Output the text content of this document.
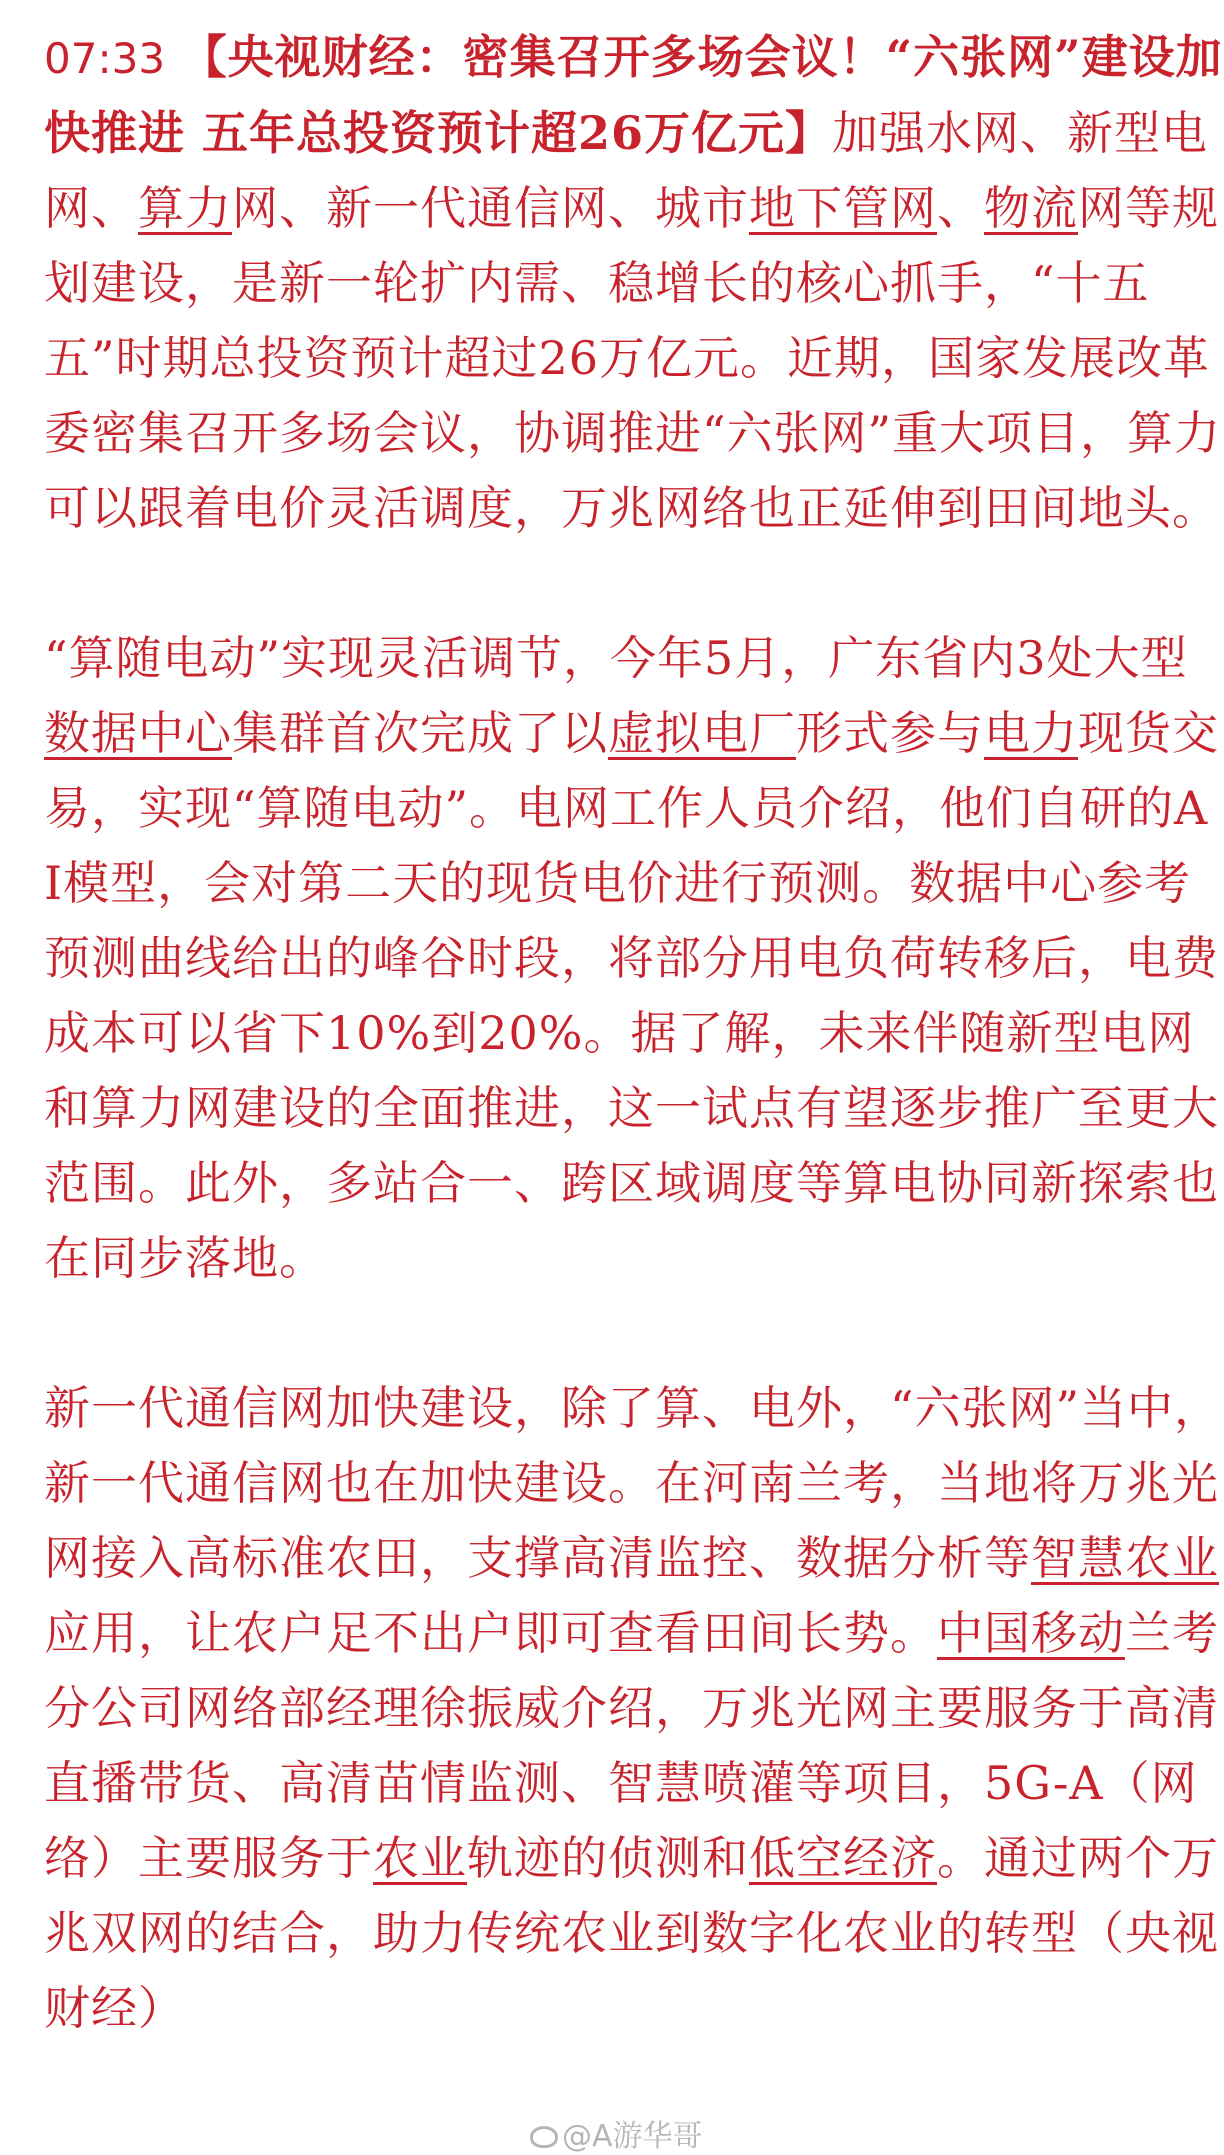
07:33 【央视财经：密集召开多场会议！“六张网”建设加快推进 五年总投资预计超26万亿元】加强水网、新型电网、算力网、新一代通信网、城市地下管网、物流网等规划建设，是新一轮扩内需、稳增长的核心抓手，“十五五”时期总投资预计超过26万亿元。近期，国家发展改革委密集召开多场会议，协调推进“六张网”重大项目，算力可以跟着电价灵活调度，万兆网络也正延伸到田间地头。

“算随电动”实现灵活调节，今年5月，广东省内3处大型数据中心集群首次完成了以虚拟电厂形式参与电力现货交易，实现“算随电动”。电网工作人员介绍，他们自研的AI模型，会对第二天的现货电价进行预测。数据中心参考预测曲线给出的峰谷时段，将部分用电负荷转移后，电费成本可以省下10%到20%。据了解，未来伴随新型电网和算力网建设的全面推进，这一试点有望逐步推广至更大范围。此外，多站合一、跨区域调度等算电协同新探索也在同步落地。

新一代通信网加快建设，除了算、电外，“六张网”当中，新一代通信网也在加快建设。在河南兰考，当地将万兆光网接入高标准农田，支撑高清监控、数据分析等智慧农业应用，让农户足不出户即可查看田间长势。中国移动兰考分公司网络部经理徐振威介绍，万兆光网主要服务于高清直播带货、高清苗情监测、智慧喷灌等项目，5G-A（网络）主要服务于农业轨迹的侦测和低空经济。通过两个万兆双网的结合，助力传统农业到数字化农业的转型（央视财经）

@A游华哥
